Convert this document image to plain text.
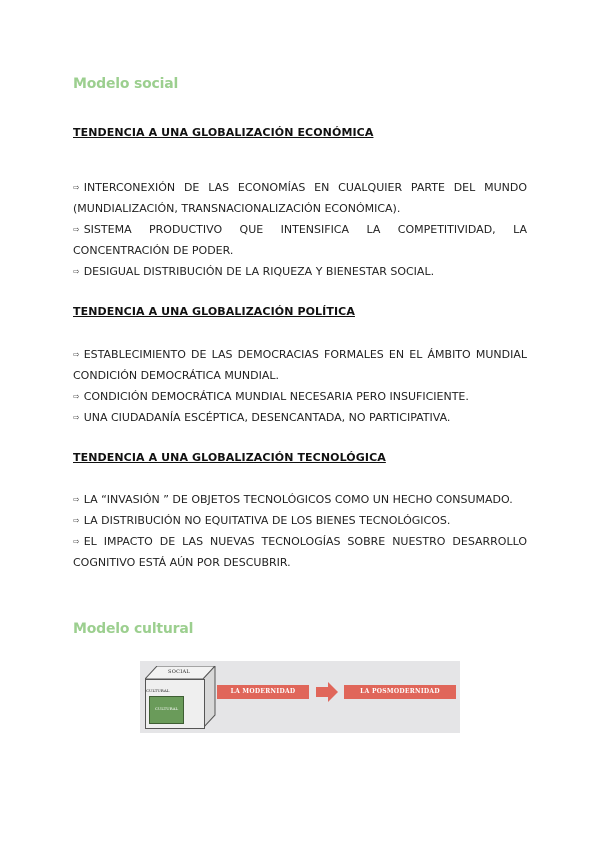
Modelo social
TENDENCIA A UNA GLOBALIZACIÓN ECONÓMICA

⇨ INTERCONEXIÓN DE LAS ECONOMÍAS EN CUALQUIER PARTE DEL MUNDO (MUNDIALIZACIÓN, TRANSNACIONALIZACIÓN ECONÓMICA).

⇨ SISTEMA PRODUCTIVO QUE INTENSIFICA LA COMPETITIVIDAD, LA CONCENTRACIÓN DE PODER.

⇨ DESIGUAL DISTRIBUCIÓN DE LA RIQUEZA Y BIENESTAR SOCIAL.

TENDENCIA A UNA GLOBALIZACIÓN POLÍTICA

⇨ ESTABLECIMIENTO DE LAS DEMOCRACIAS FORMALES EN EL ÁMBITO MUNDIAL CONDICIÓN DEMOCRÁTICA MUNDIAL.

⇨ CONDICIÓN DEMOCRÁTICA MUNDIAL NECESARIA PERO INSUFICIENTE.

⇨ UNA CIUDADANÍA ESCÉPTICA, DESENCANTADA, NO PARTICIPATIVA.

TENDENCIA A UNA GLOBALIZACIÓN TECNOLÓGICA

⇨ LA “INVASIÓN ” DE OBJETOS TECNOLÓGICOS COMO UN HECHO CONSUMADO.

⇨ LA DISTRIBUCIÓN NO EQUITATIVA DE LOS BIENES TECNOLÓGICOS.

⇨ EL IMPACTO DE LAS NUEVAS TECNOLOGÍAS SOBRE NUESTRO DESARROLLO COGNITIVO ESTÁ AÚN POR DESCUBRIR.

Modelo cultural
SOCIAL
CULTURAL
CULTURAL
LA MODERNIDAD	LA POSMODERNIDAD
